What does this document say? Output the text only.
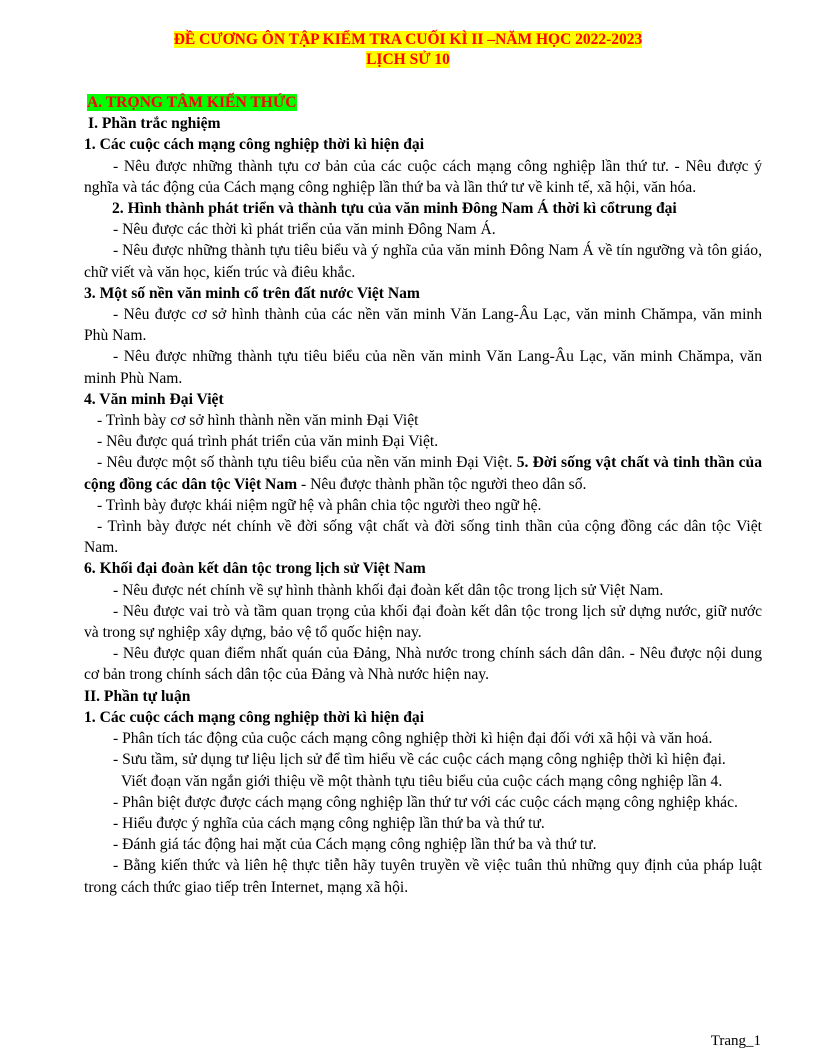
ĐỀ CƯƠNG ÔN TẬP KIỂM TRA CUỐI KÌ II –NĂM HỌC 2022-2023
LỊCH SỬ 10
A. TRỌNG TÂM KIẾN THỨC
I. Phần trắc nghiệm
1. Các cuộc cách mạng công nghiệp thời kì hiện đại

- Nêu được những thành tựu cơ bản của các cuộc cách mạng công nghiệp lần thứ tư. - Nêu được ý nghĩa và tác động của Cách mạng công nghiệp lần thứ ba và lần thứ tư về kinh tế, xã hội, văn hóa.

2. Hình thành phát triển và thành tựu của văn minh Đông Nam Á thời kì cổtrung đại

- Nêu được các thời kì phát triển của văn minh Đông Nam Á.

- Nêu được những thành tựu tiêu biểu và ý nghĩa của văn minh Đông Nam Á về tín ngưỡng và tôn giáo, chữ viết và văn học, kiến trúc và điêu khắc.

3. Một số nền văn minh cổ trên đất nước Việt Nam

- Nêu được cơ sở hình thành của các nền văn minh Văn Lang-Âu Lạc, văn minh Chămpa, văn minh Phù Nam.

- Nêu được những thành tựu tiêu biểu của nền văn minh Văn Lang-Âu Lạc, văn minh Chămpa, văn minh Phù Nam.

4. Văn minh Đại Việt

- Trình bày cơ sở hình thành nền văn minh Đại Việt

- Nêu được quá trình phát triển của văn minh Đại Việt.

- Nêu được một số thành tựu tiêu biểu của nền văn minh Đại Việt. 5. Đời sống vật chất và tinh thần của cộng đồng các dân tộc Việt Nam - Nêu được thành phần tộc người theo dân số.

- Trình bày được khái niệm ngữ hệ và phân chia tộc người theo ngữ hệ.

- Trình bày được nét chính về đời sống vật chất và đời sống tinh thần của cộng đồng các dân tộc Việt Nam.

6. Khối đại đoàn kết dân tộc trong lịch sử Việt Nam

- Nêu được nét chính về sự hình thành khối đại đoàn kết dân tộc trong lịch sử Việt Nam.

- Nêu được vai trò và tầm quan trọng của khối đại đoàn kết dân tộc trong lịch sử dựng nước, giữ nước và trong sự nghiệp xây dựng, bảo vệ tổ quốc hiện nay.

- Nêu được quan điểm nhất quán của Đảng, Nhà nước trong chính sách dân dân. - Nêu được nội dung cơ bản trong chính sách dân tộc của Đảng và Nhà nước hiện nay.

II. Phần tự luận
1. Các cuộc cách mạng công nghiệp thời kì hiện đại

- Phân tích tác động của cuộc cách mạng công nghiệp thời kì hiện đại đối với xã hội và văn hoá.

- Sưu tầm, sử dụng tư liệu lịch sử để tìm hiểu về các cuộc cách mạng công nghiệp thời kì hiện đại.

Viết đoạn văn ngắn giới thiệu về một thành tựu tiêu biểu của cuộc cách mạng công nghiệp lần 4.

- Phân biệt được được cách mạng công nghiệp lần thứ tư với các cuộc cách mạng công nghiệp khác.

- Hiểu được ý nghĩa của cách mạng công nghiệp lần thứ ba và thứ tư.

- Đánh giá tác động hai mặt của Cách mạng công nghiệp lần thứ ba và thứ tư.

- Bằng kiến thức và liên hệ thực tiễn hãy tuyên truyền về việc tuân thủ những quy định của pháp luật trong cách thức giao tiếp trên Internet, mạng xã hội.

Trang_1
